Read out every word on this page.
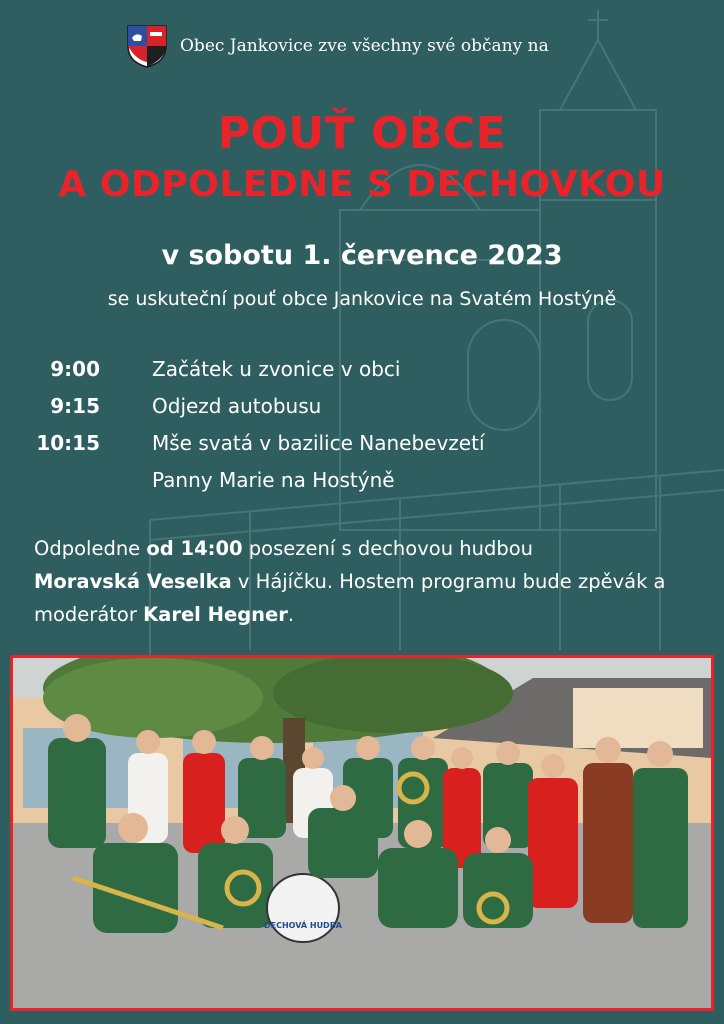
Obec Jankovice zve všechny své občany na
POUŤ OBCE
A ODPOLEDNE S DECHOVKOU
v sobotu 1. července 2023
se uskuteční pouť obce Jankovice na Svatém Hostýně
9:00	Začátek u zvonice v obci
9:15	Odjezd autobusu
10:15	Mše svatá v bazilice Nanebevzetí
Panny Marie na Hostýně
Odpoledne od 14:00 posezení s dechovou hudbou
Moravská Veselka v Hájíčku. Hostem programu bude zpěvák a moderátor Karel Hegner.
DECHOVÁ HUDBA
